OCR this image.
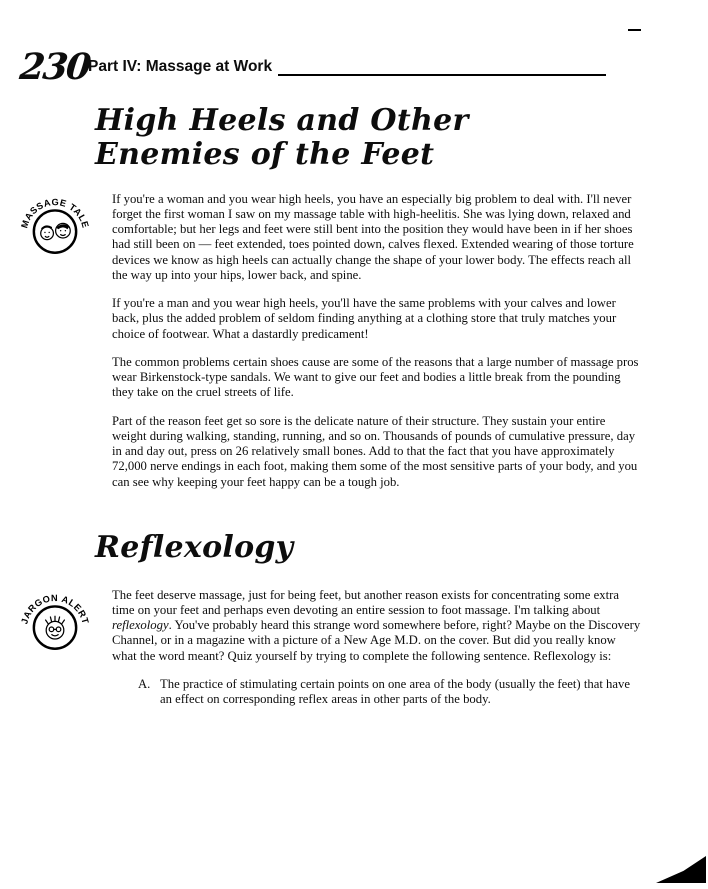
230
Part IV: Massage at Work
High Heels and Other
Enemies of the Feet
MASSAGE TALE

If you're a woman and you wear high heels, you have an especially big problem to deal with. I'll never forget the first woman I saw on my massage table with high-heelitis. She was lying down, relaxed and comfortable; but her legs and feet were still bent into the position they would have been in if her shoes had still been on — feet extended, toes pointed down, calves flexed. Extended wearing of those torture devices we know as high heels can actually change the shape of your lower body. The effects reach all the way up into your hips, lower back, and spine.

If you're a man and you wear high heels, you'll have the same problems with your calves and lower back, plus the added problem of seldom finding anything at a clothing store that truly matches your choice of footwear. What a dastardly predicament!

The common problems certain shoes cause are some of the reasons that a large number of massage pros wear Birkenstock-type sandals. We want to give our feet and bodies a little break from the pounding they take on the cruel streets of life.

Part of the reason feet get so sore is the delicate nature of their structure. They sustain your entire weight during walking, standing, running, and so on. Thousands of pounds of cumulative pressure, day in and day out, press on 26 relatively small bones. Add to that the fact that you have approximately 72,000 nerve endings in each foot, making them some of the most sensitive parts of your body, and you can see why keeping your feet happy can be a tough job.

Reflexology
JARGON ALERT

The feet deserve massage, just for being feet, but another reason exists for concentrating some extra time on your feet and perhaps even devoting an entire session to foot massage. I'm talking about reflexology. You've probably heard this strange word somewhere before, right? Maybe on the Discovery Channel, or in a magazine with a picture of a New Age M.D. on the cover. But did you really know what the word meant? Quiz yourself by trying to complete the following sentence. Reflexology is:

A. The practice of stimulating certain points on one area of the body (usually the feet) that have an effect on corresponding reflex areas in other parts of the body.
